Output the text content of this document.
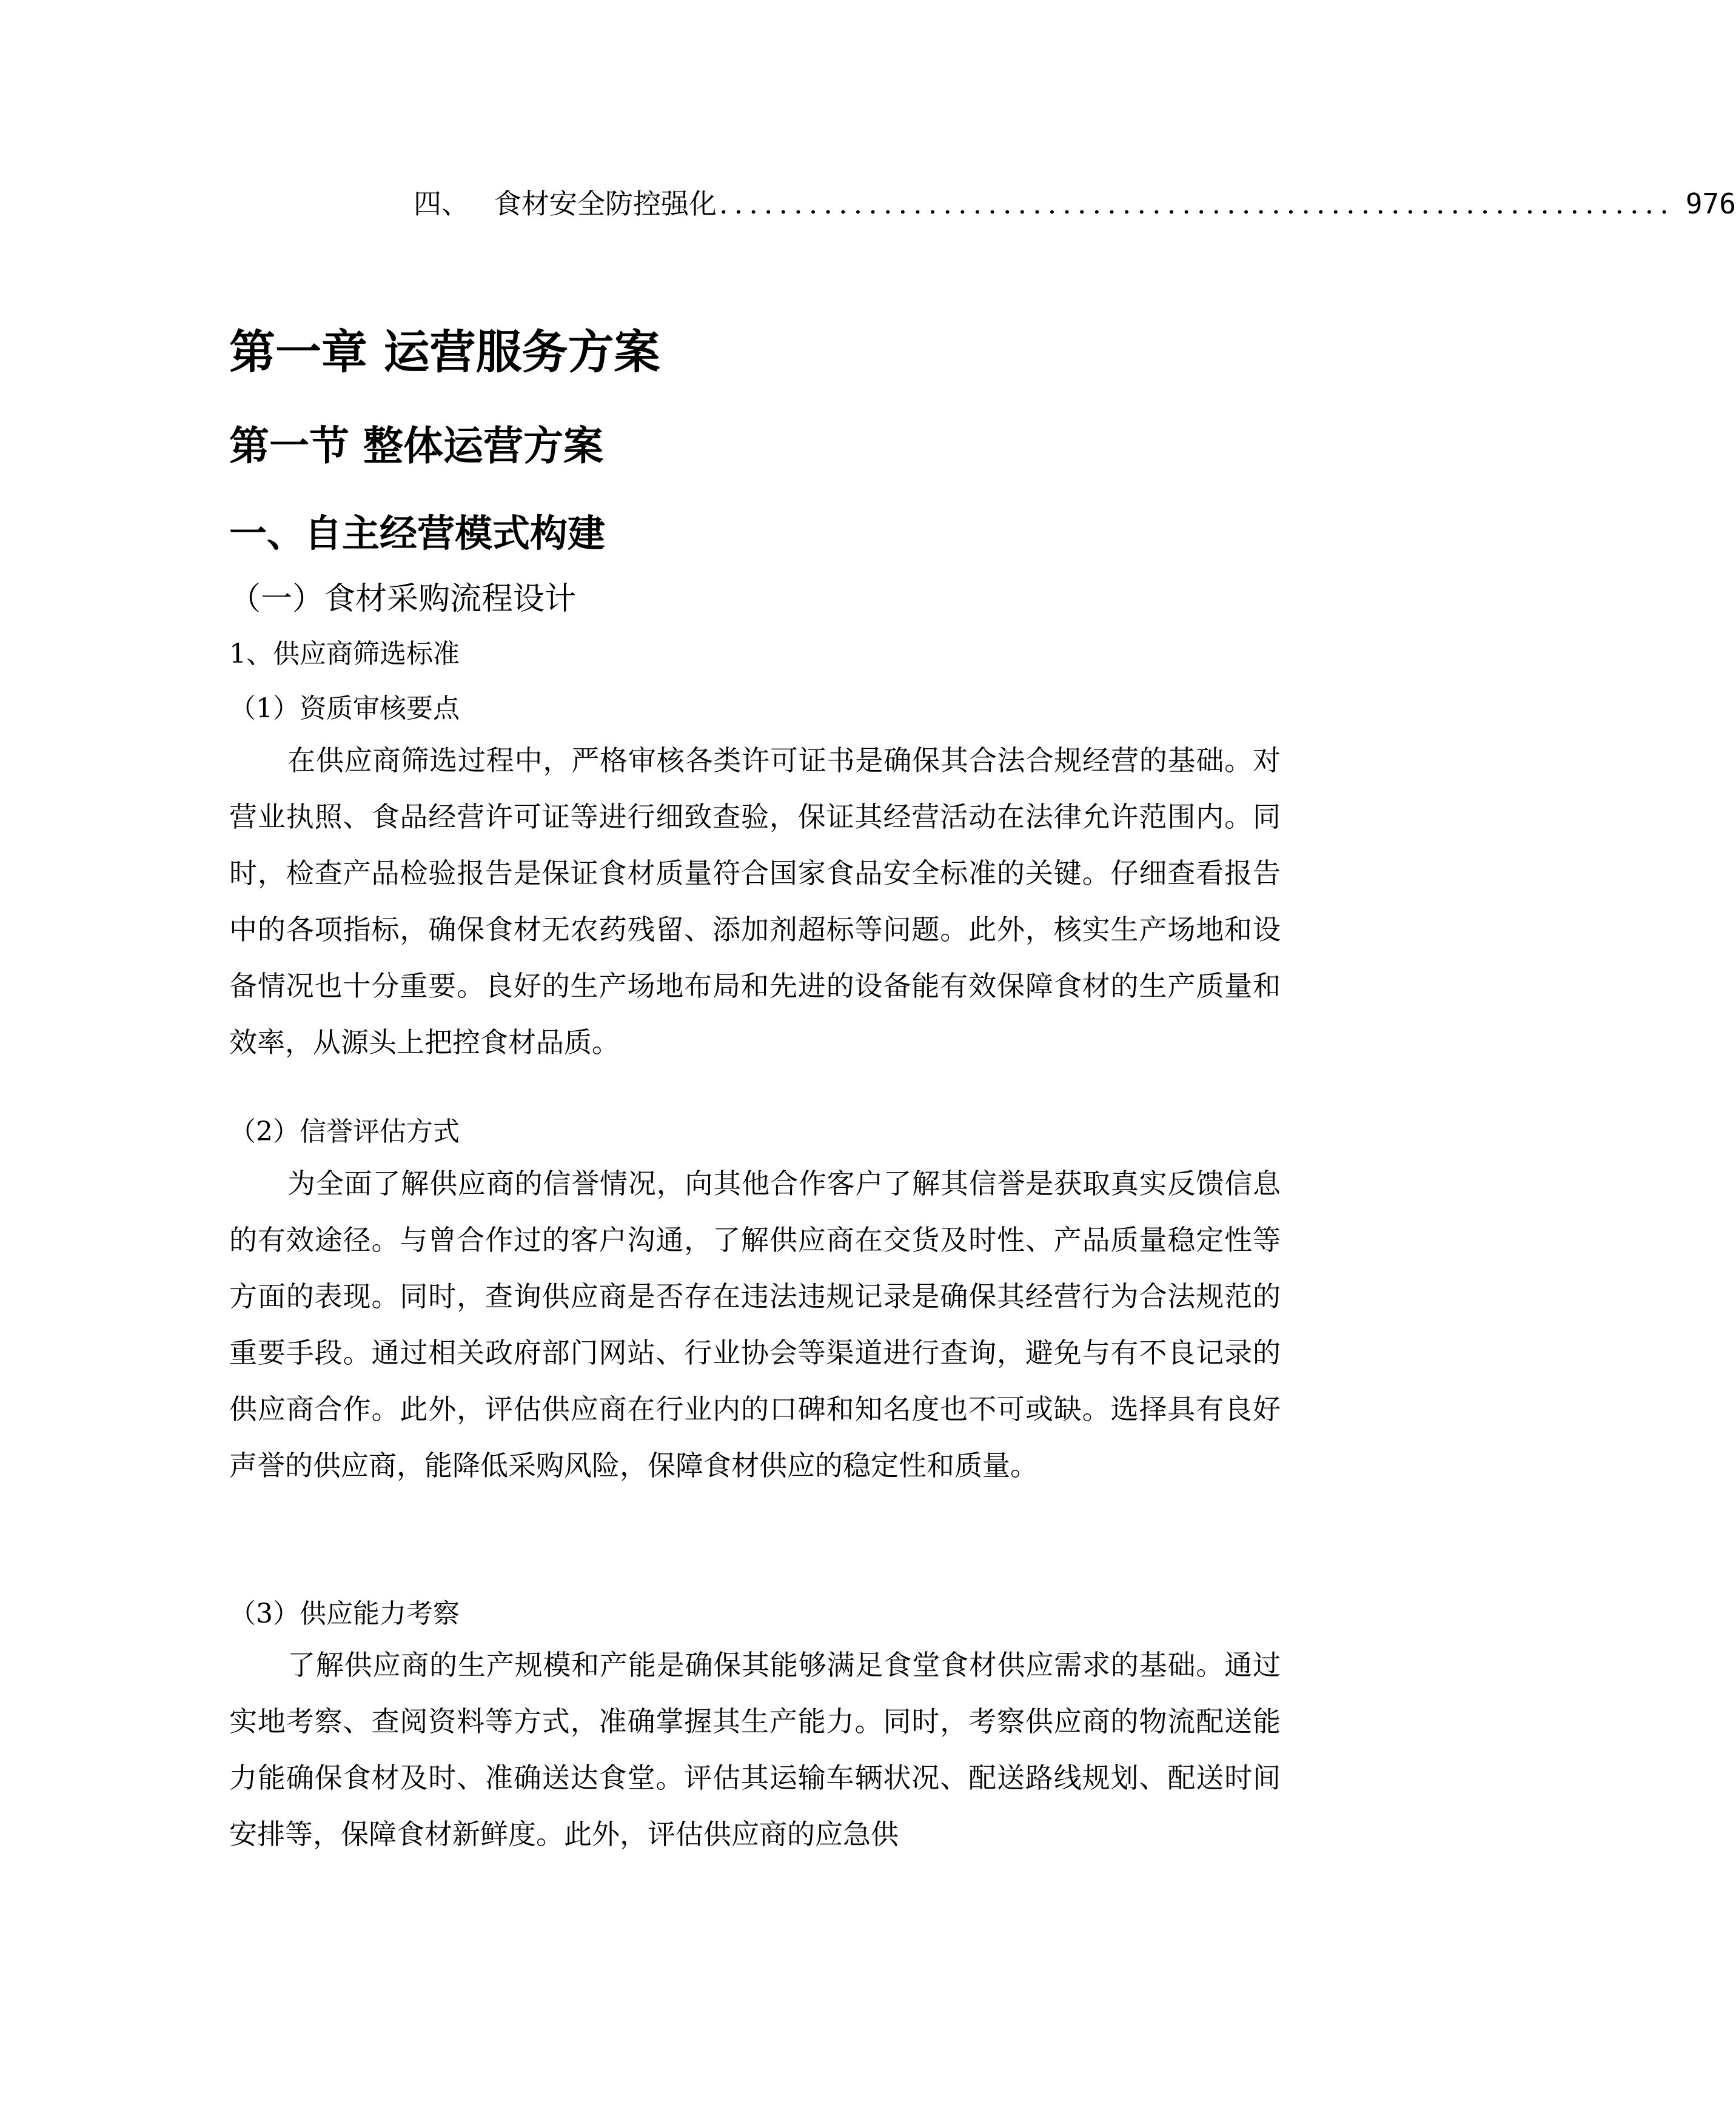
四、 食材安全防控强化 ................................................................ 976
第一章 运营服务方案
第一节 整体运营方案
一、自主经营模式构建
（一）食材采购流程设计
1、供应商筛选标准
（1）资质审核要点

在供应商筛选过程中，严格审核各类许可证书是确保其合法合规经营的基础。对营业执照、食品经营许可证等进行细致查验，保证其经营活动在法律允许范围内。同时，检查产品检验报告是保证食材质量符合国家食品安全标准的关键。仔细查看报告中的各项指标，确保食材无农药残留、添加剂超标等问题。此外，核实生产场地和设备情况也十分重要。良好的生产场地布局和先进的设备能有效保障食材的生产质量和效率，从源头上把控食材品质。

（2）信誉评估方式

为全面了解供应商的信誉情况，向其他合作客户了解其信誉是获取真实反馈信息的有效途径。与曾合作过的客户沟通，了解供应商在交货及时性、产品质量稳定性等方面的表现。同时，查询供应商是否存在违法违规记录是确保其经营行为合法规范的重要手段。通过相关政府部门网站、行业协会等渠道进行查询，避免与有不良记录的供应商合作。此外，评估供应商在行业内的口碑和知名度也不可或缺。选择具有良好声誉的供应商，能降低采购风险，保障食材供应的稳定性和质量。

（3）供应能力考察

了解供应商的生产规模和产能是确保其能够满足食堂食材供应需求的基础。通过实地考察、查阅资料等方式，准确掌握其生产能力。同时，考察供应商的物流配送能力能确保食材及时、准确送达食堂。评估其运输车辆状况、配送路线规划、配送时间安排等，保障食材新鲜度。此外，评估供应商的应急供
